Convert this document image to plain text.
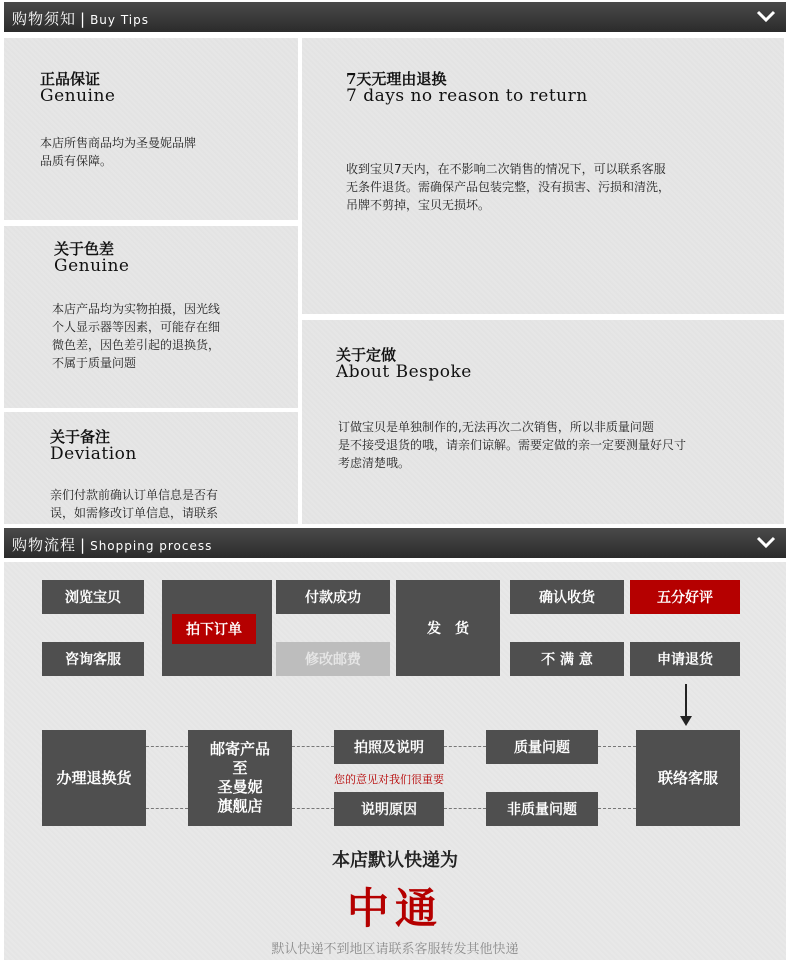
购物须知 | Buy Tips
正品保证
Genuine
本店所售商品均为圣曼妮品牌
品质有保障。
关于色差
Genuine
本店产品均为实物拍摄，因光线
个人显示器等因素，可能存在细
微色差，因色差引起的退换货，
不属于质量问题
关于备注
Deviation
亲们付款前确认订单信息是否有
误，如需修改订单信息，请联系
7天无理由退换
7 days no reason to return
收到宝贝7天内，在不影响二次销售的情况下，可以联系客服
无条件退货。需确保产品包装完整，没有损害、污损和清洗，
吊牌不剪掉，宝贝无损坏。
关于定做
About Bespoke
订做宝贝是单独制作的,无法再次二次销售，所以非质量问题
是不接受退货的哦，请亲们谅解。需要定做的亲一定要测量好尺寸
考虑清楚哦。
购物流程 | Shopping process
浏览宝贝
咨询客服
拍下订单
付款成功
修改邮费
发　货
确认收货	五分好评
不 满 意	申请退货
办理退换货
邮寄产品
至
圣曼妮
旗舰店
拍照及说明
说明原因
您的意见对我们很重要
质量问题
非质量问题
联络客服
本店默认快递为
中通
默认快递不到地区请联系客服转发其他快递
